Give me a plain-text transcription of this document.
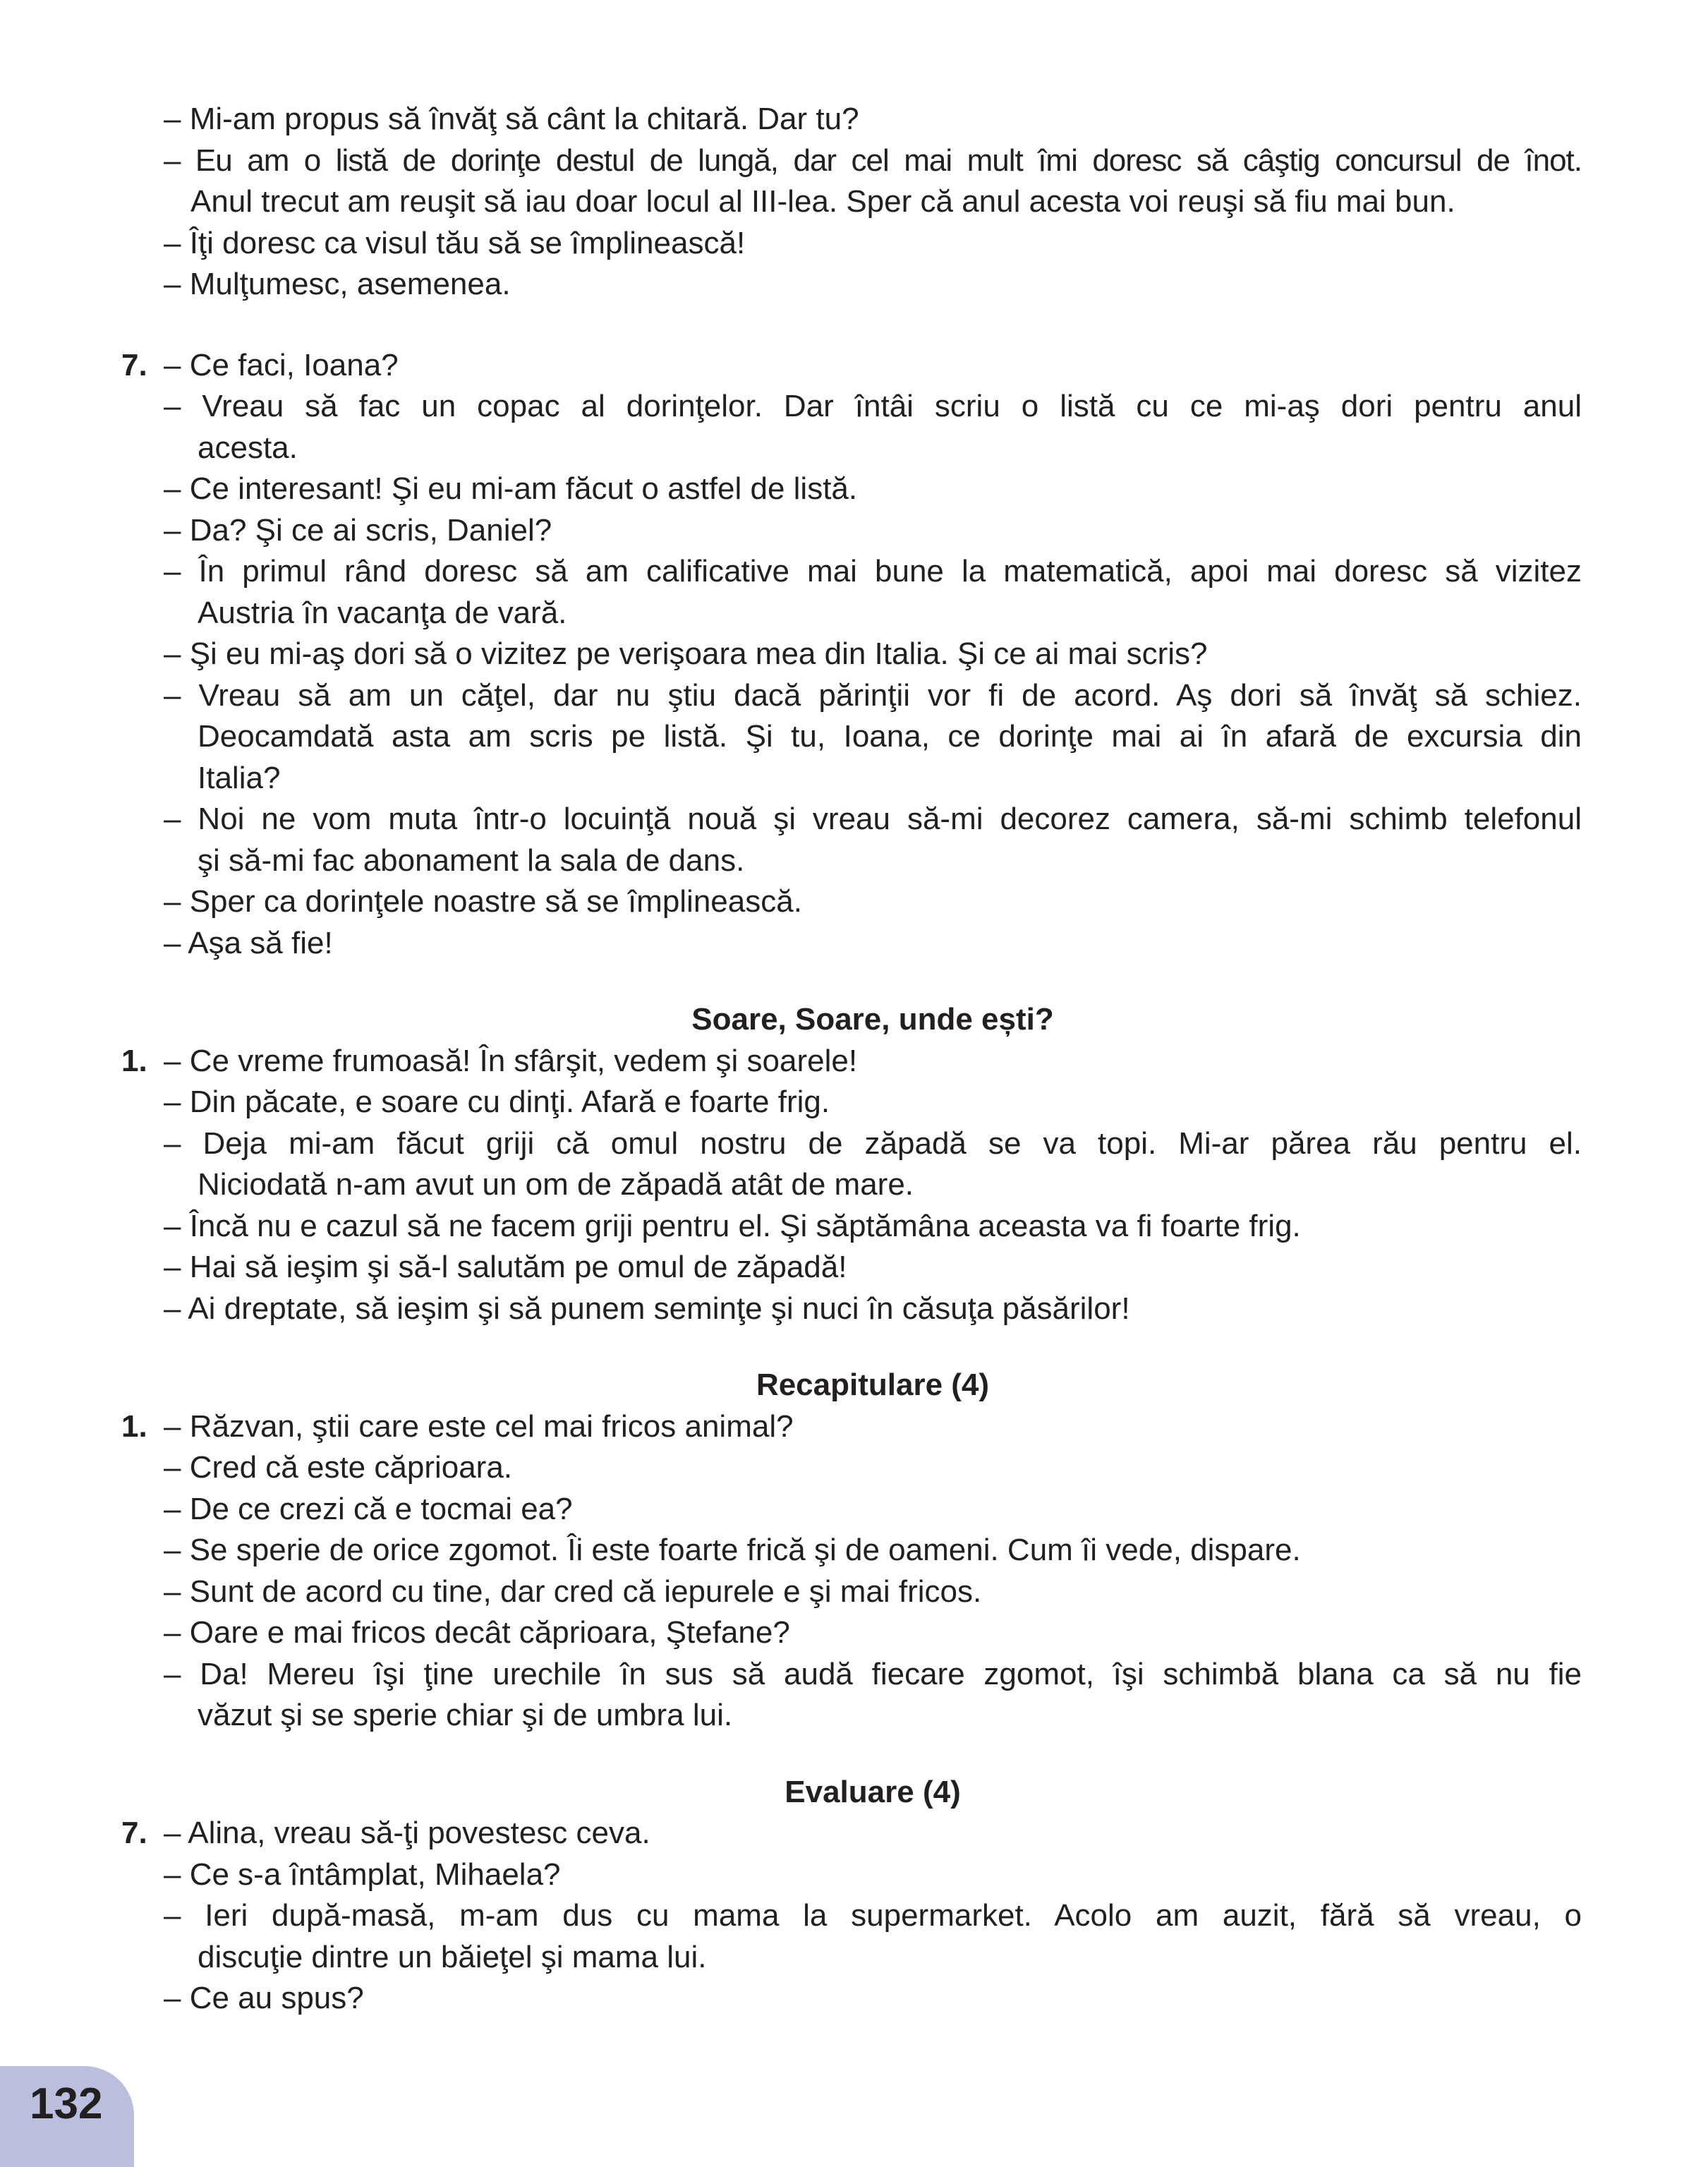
– Mi-am propus să învăţ să cânt la chitară. Dar tu?
– Eu am o listă de dorinţe destul de lungă, dar cel mai mult îmi doresc să câştig concursul de înot.
Anul trecut am reuşit să iau doar locul al III-lea. Sper că anul acesta voi reuşi să fiu mai bun.
– Îţi doresc ca visul tău să se împlinească!
– Mulţumesc, asemenea.
7. – Ce faci, Ioana?
– Vreau să fac un copac al dorinţelor. Dar întâi scriu o listă cu ce mi-aş dori pentru anul
acesta.
– Ce interesant! Şi eu mi-am făcut o astfel de listă.
– Da? Şi ce ai scris, Daniel?
– În primul rând doresc să am calificative mai bune la matematică, apoi mai doresc să vizitez
Austria în vacanţa de vară.
– Şi eu mi-aş dori să o vizitez pe verişoara mea din Italia. Şi ce ai mai scris?
– Vreau să am un căţel, dar nu ştiu dacă părinţii vor fi de acord. Aş dori să învăţ să schiez.
Deocamdată asta am scris pe listă. Şi tu, Ioana, ce dorinţe mai ai în afară de excursia din
Italia?
– Noi ne vom muta într-o locuinţă nouă şi vreau să-mi decorez camera, să-mi schimb telefonul
şi să-mi fac abonament la sala de dans.
– Sper ca dorinţele noastre să se împlinească.
– Aşa să fie!
Soare, Soare, unde ești?
1. – Ce vreme frumoasă! În sfârşit, vedem şi soarele!
– Din păcate, e soare cu dinţi. Afară e foarte frig.
– Deja mi-am făcut griji că omul nostru de zăpadă se va topi. Mi-ar părea rău pentru el.
Niciodată n-am avut un om de zăpadă atât de mare.
– Încă nu e cazul să ne facem griji pentru el. Şi săptămâna aceasta va fi foarte frig.
– Hai să ieşim şi să-l salutăm pe omul de zăpadă!
– Ai dreptate, să ieşim şi să punem seminţe şi nuci în căsuţa păsărilor!
Recapitulare (4)
1. – Răzvan, ştii care este cel mai fricos animal?
– Cred că este căprioara.
– De ce crezi că e tocmai ea?
– Se sperie de orice zgomot. Îi este foarte frică şi de oameni. Cum îi vede, dispare.
– Sunt de acord cu tine, dar cred că iepurele e şi mai fricos.
– Oare e mai fricos decât căprioara, Ştefane?
– Da! Mereu îşi ţine urechile în sus să audă fiecare zgomot, îşi schimbă blana ca să nu fie
văzut şi se sperie chiar şi de umbra lui.
Evaluare (4)
7. – Alina, vreau să-ţi povestesc ceva.
– Ce s-a întâmplat, Mihaela?
– Ieri după-masă, m-am dus cu mama la supermarket. Acolo am auzit, fără să vreau, o
discuţie dintre un băieţel şi mama lui.
– Ce au spus?
132
